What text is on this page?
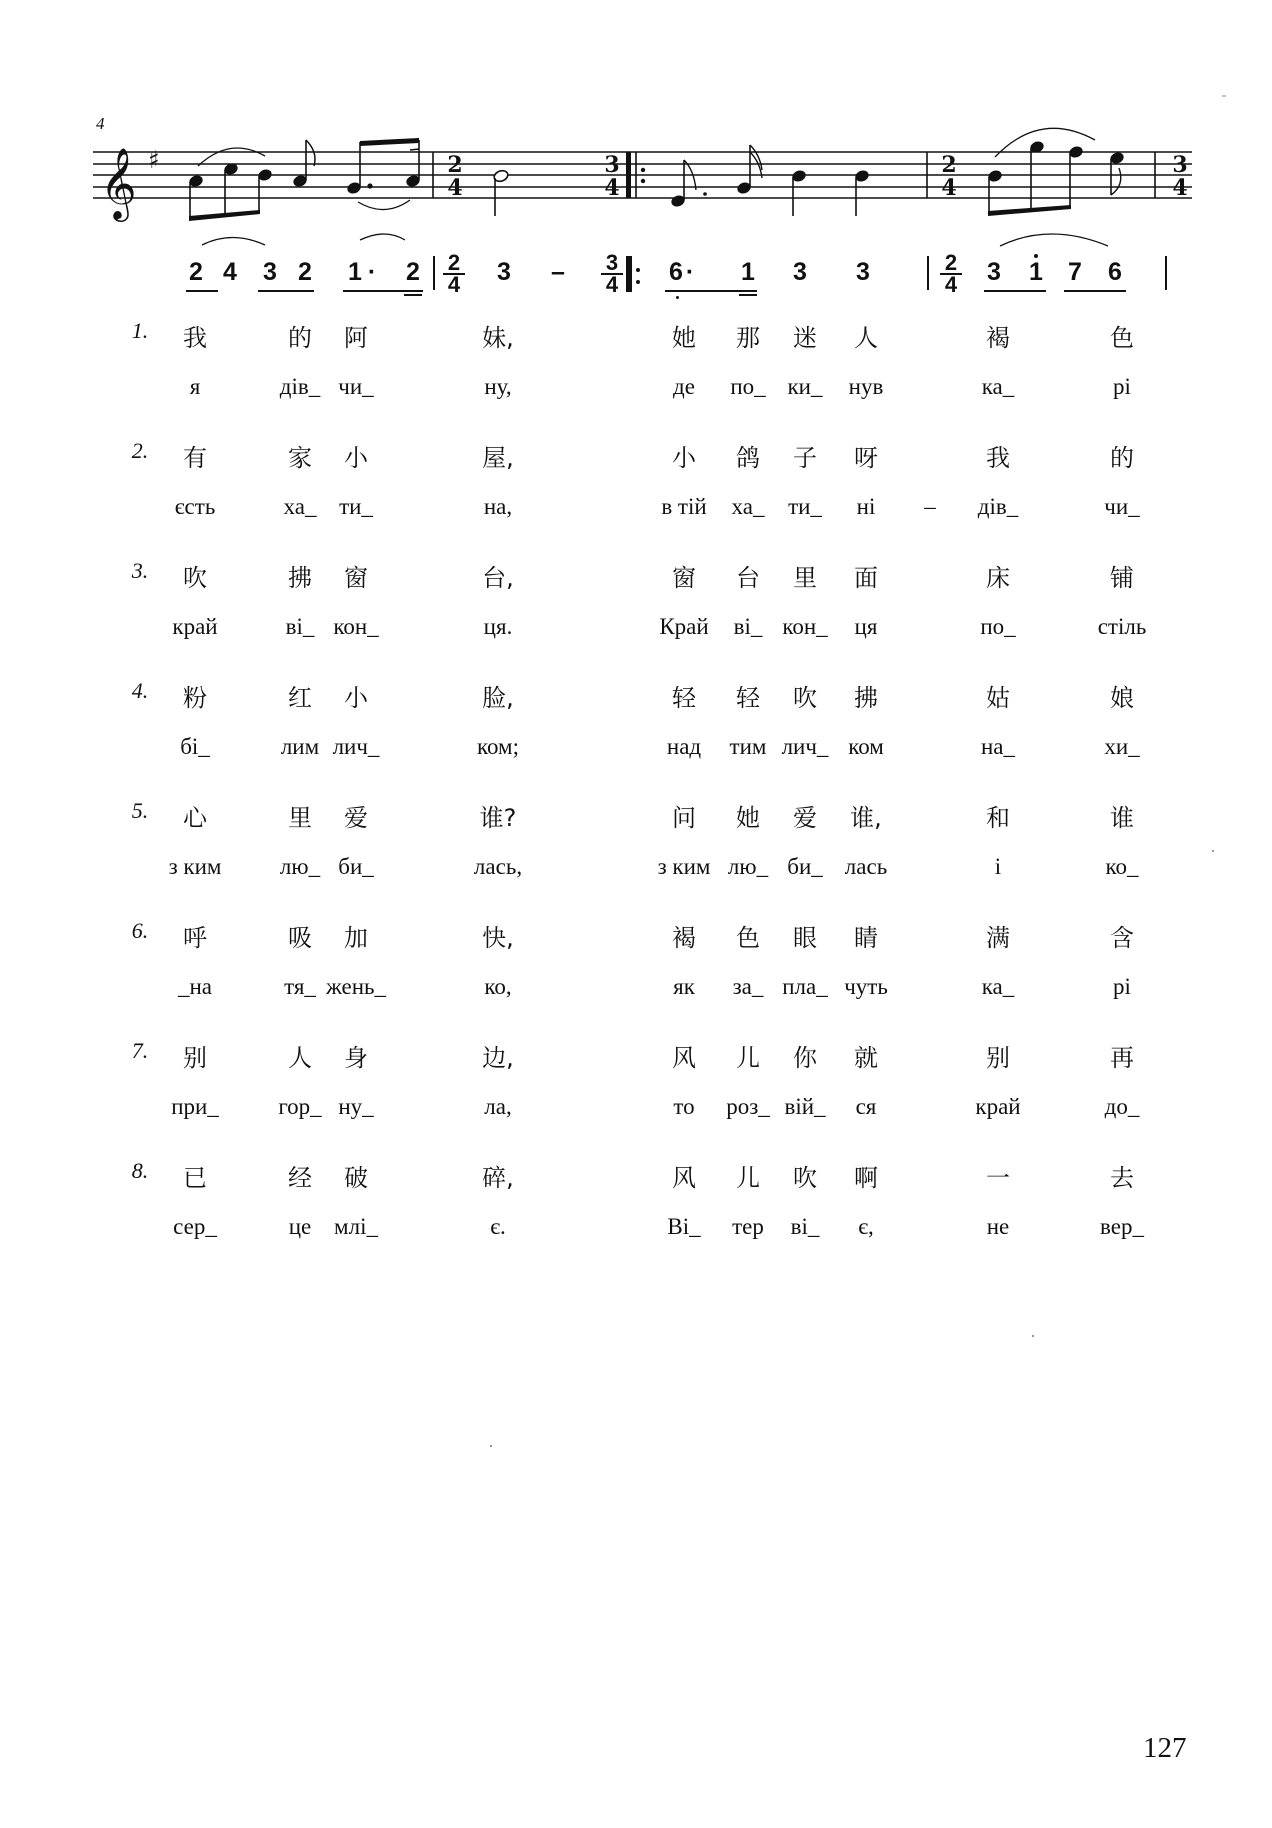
𝄞 ♯	2
4
3
4
2
4
3
4
4
2 4 3 2 1 · 2	3 –	6 · 1 3 3	3 1 7 6
2
4
3
4
2
4
1. 我	的 阿	妹,	她 那 迷 人	褐	色
я	дів_ чи_	ну,	де по_ ки_ нув	ка_	рі
2. 有	家 小	屋,	小 鸽 子 呀	我	的
єсть	ха_ ти_	на,	в тій ха_ ти_ ні	дів_	чи_
–
3. 吹	拂 窗	台,	窗 台 里 面	床	铺
край	ві_ кон_	ця.	Край ві_ кон_ ця	по_	стіль
4. 粉	红 小	脸,	轻 轻 吹 拂	姑	娘
бі_	лим лич_	ком;	над тим лич_ ком	на_	хи_
5. 心	里 爱	谁?	问 她 爱 谁,	和	谁
з ким	лю_ би_	лась,	з ким лю_ би_ лась	і	ко_
6. 呼	吸 加	快,	褐 色 眼 睛	满	含
_на	тя_ жень_	ко,	як за_ пла_ чуть	ка_	рі
7. 别	人 身	边,	风 儿 你 就	别	再
при_	гор_ ну_	ла,	то роз_ вій_ ся	край	до_
8. 已	经 破	碎,	风 儿 吹 啊	一	去
сер_	це млі_	є.	Ві_ тер ві_ є,	не	вер_
127
